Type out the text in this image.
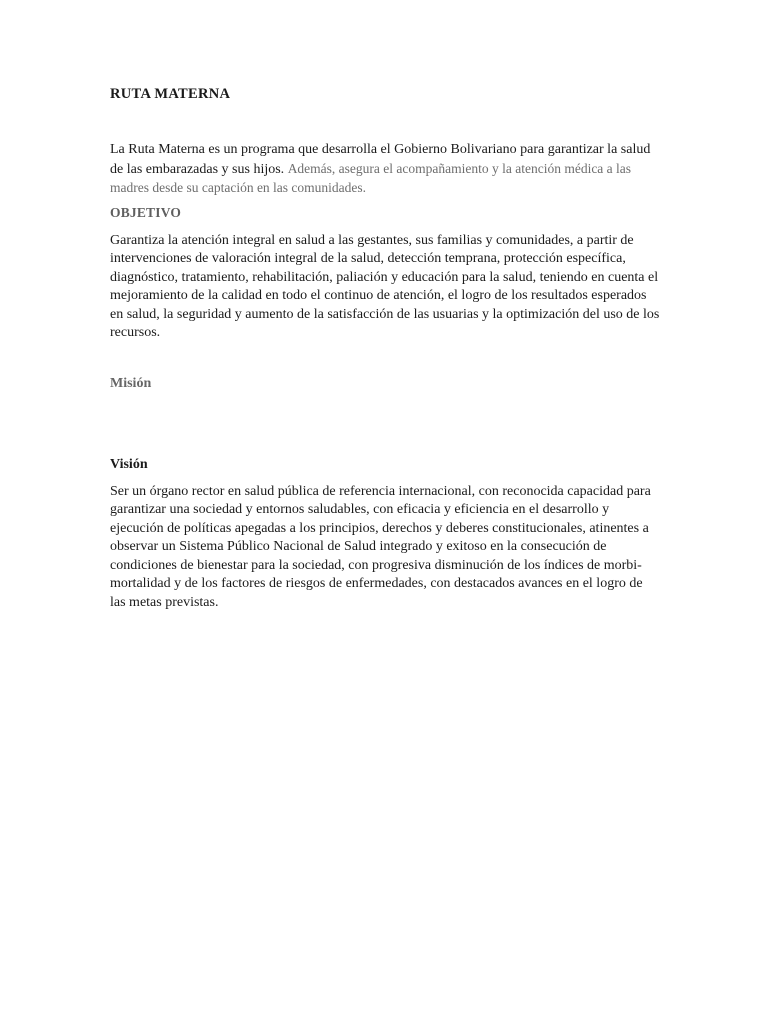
RUTA MATERNA

La Ruta Materna es un programa que desarrolla el Gobierno Bolivariano para garantizar la salud de las embarazadas y sus hijos. Además, asegura el acompañamiento y la atención médica a las madres desde su captación en las comunidades.

OBJETIVO

Garantiza la atención integral en salud a las gestantes, sus familias y comunidades, a partir de intervenciones de valoración integral de la salud, detección temprana, protección específica, diagnóstico, tratamiento, rehabilitación, paliación y educación para la salud, teniendo en cuenta el mejoramiento de la calidad en todo el continuo de atención, el logro de los resultados esperados en salud, la seguridad y aumento de la satisfacción de las usuarias y la optimización del uso de los recursos.

Misión
Visión

Ser un órgano rector en salud pública de referencia internacional, con reconocida capacidad para garantizar una sociedad y entornos saludables, con eficacia y eficiencia en el desarrollo y ejecución de políticas apegadas a los principios, derechos y deberes constitucionales, atinentes a observar un Sistema Público Nacional de Salud integrado y exitoso en la consecución de condiciones de bienestar para la sociedad, con progresiva disminución de los índices de morbi-mortalidad y de los factores de riesgos de enfermedades, con destacados avances en el logro de las metas previstas.
